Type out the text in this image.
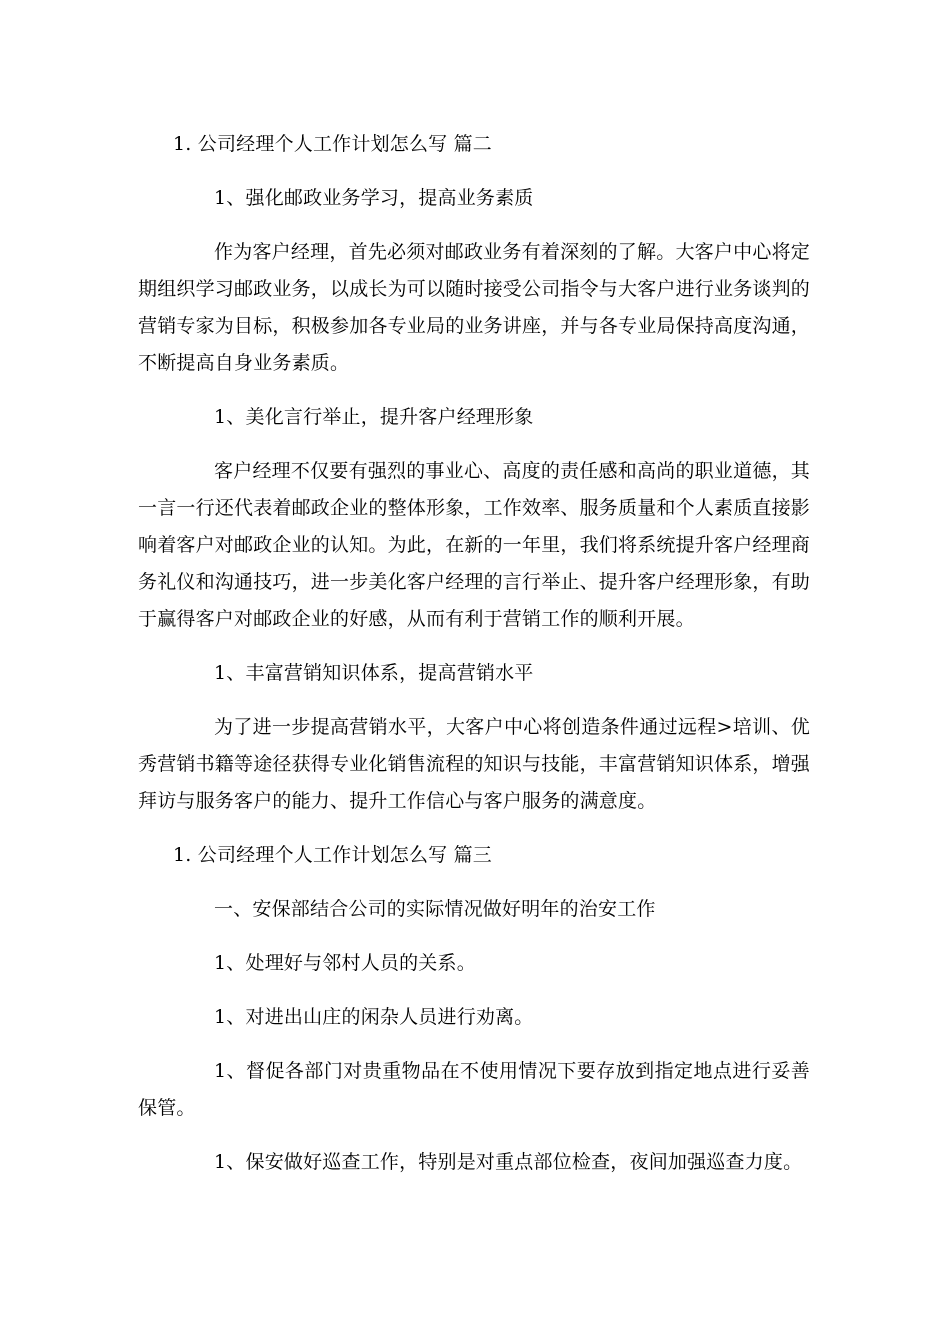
1. 公司经理个人工作计划怎么写 篇二

1、强化邮政业务学习，提高业务素质

作为客户经理，首先必须对邮政业务有着深刻的了解。大客户中心将定期组织学习邮政业务，以成长为可以随时接受公司指令与大客户进行业务谈判的营销专家为目标，积极参加各专业局的业务讲座，并与各专业局保持高度沟通，不断提高自身业务素质。

1、美化言行举止，提升客户经理形象

客户经理不仅要有强烈的事业心、高度的责任感和高尚的职业道德，其一言一行还代表着邮政企业的整体形象，工作效率、服务质量和个人素质直接影响着客户对邮政企业的认知。为此，在新的一年里，我们将系统提升客户经理商务礼仪和沟通技巧，进一步美化客户经理的言行举止、提升客户经理形象，有助于赢得客户对邮政企业的好感，从而有利于营销工作的顺利开展。

1、丰富营销知识体系，提高营销水平

为了进一步提高营销水平，大客户中心将创造条件通过远程>培训、优秀营销书籍等途径获得专业化销售流程的知识与技能，丰富营销知识体系，增强拜访与服务客户的能力、提升工作信心与客户服务的满意度。

1. 公司经理个人工作计划怎么写 篇三

一、安保部结合公司的实际情况做好明年的治安工作

1、处理好与邻村人员的关系。

1、对进出山庄的闲杂人员进行劝离。

1、督促各部门对贵重物品在不使用情况下要存放到指定地点进行妥善保管。

1、保安做好巡查工作，特别是对重点部位检查，夜间加强巡查力度。
